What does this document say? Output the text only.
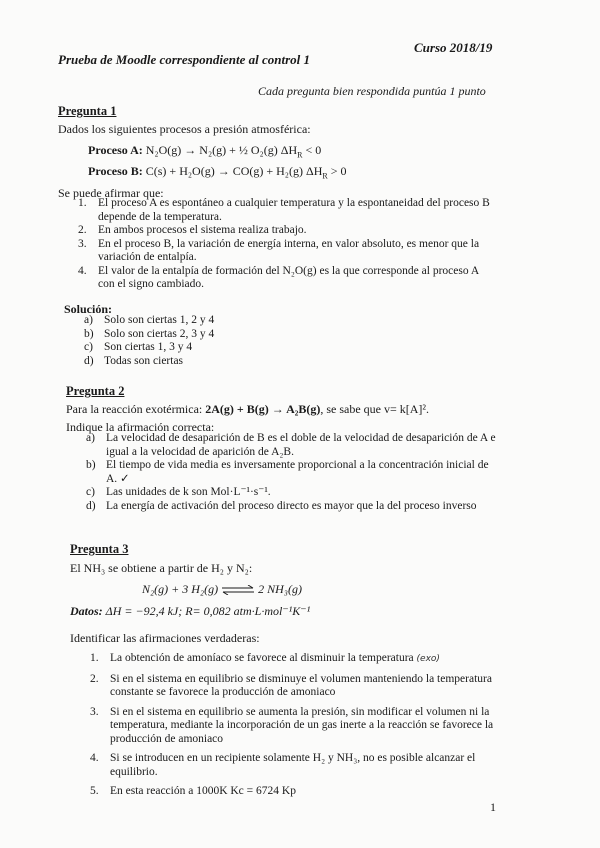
Prueba de Moodle correspondiente al control 1
Curso 2018/19
Cada pregunta bien respondida puntúa 1 punto
Pregunta 1
Dados los siguientes procesos a presión atmosférica:
Proceso A: N₂O(g) → N₂(g) + ½ O₂(g) $\Delta H_R < 0$
Proceso B: C(s) + H₂O(g) → CO(g) + H₂(g) $\Delta H_R > 0$
Se puede afirmar que:
1. El proceso A es espontáneo a cualquier temperatura y la espontaneidad del proceso B depende de la temperatura.
2. En ambos procesos el sistema realiza trabajo.
3. En el proceso B, la variación de energía interna, en valor absoluto, es menor que la variación de entalpía.
4. El valor de la entalpía de formación del N₂O(g) es la que corresponde al proceso A con el signo cambiado.
Solución:
a) Solo son ciertas 1, 2 y 4
b) Solo son ciertas 2, 3 y 4
c) Son ciertas 1, 3 y 4
d) Todas son ciertas
Pregunta 2
Para la reacción exotérmica: 2A(g) + B(g) → A₂B(g), se sabe que v= k[A]².
Indique la afirmación correcta:
a) La velocidad de desaparición de B es el doble de la velocidad de desaparición de A e igual a la velocidad de aparición de A₂B.
b) El tiempo de vida media es inversamente proporcional a la concentración inicial de A. ✓
c) Las unidades de k son Mol·L⁻¹·s⁻¹.
d) La energía de activación del proceso directo es mayor que la del proceso inverso
Pregunta 3
El NH₃ se obtiene a partir de H₂ y N₂:
N₂(g) + 3 H₂(g) ⇌ 2 NH₃(g)
Datos: ΔH = −92,4 kJ; R= 0,082 atm·L·mol⁻¹K⁻¹
Identificar las afirmaciones verdaderas:
1. La obtención de amoníaco se favorece al disminuir la temperatura (exo)
2. Si en el sistema en equilibrio se disminuye el volumen manteniendo la temperatura constante se favorece la producción de amoniaco
3. Si en el sistema en equilibrio se aumenta la presión, sin modificar el volumen ni la temperatura, mediante la incorporación de un gas inerte a la reacción se favorece la producción de amoniaco
4. Si se introducen en un recipiente solamente H₂ y NH₃, no es posible alcanzar el equilibrio.
5. En esta reacción a 1000K Kc = 6724 Kp
1
